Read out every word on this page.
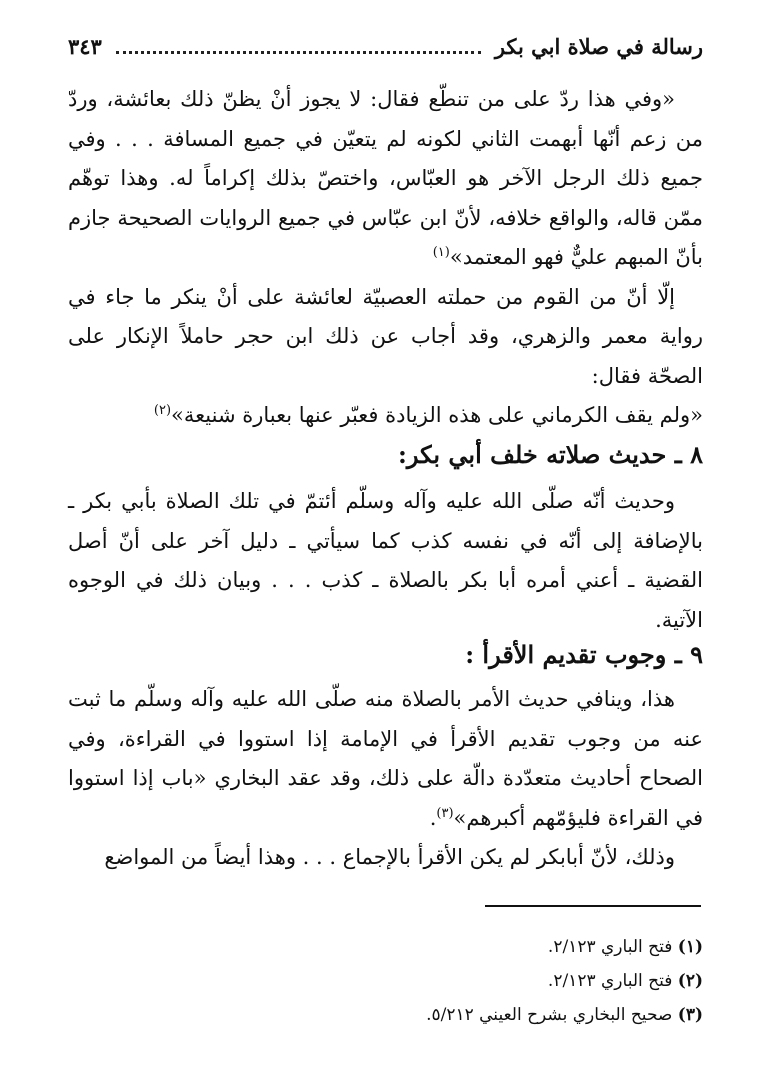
رسالة في صلاة ابي بكر
٣٤٣

«وفي هذا ردّ على من تنطّع فقال: لا يجوز أنْ يظنّ ذلك بعائشة، وردّ من زعم أنّها أبهمت الثاني لكونه لم يتعيّن في جميع المسافة . . . وفي جميع ذلك الرجل الآخر هو العبّاس، واختصّ بذلك إكراماً له. وهذا توهّم ممّن قاله، والواقع خلافه، لأنّ ابن عبّاس في جميع الروايات الصحيحة جازم بأنّ المبهم عليٌّ فهو المعتمد»$^{(١)}$

إلّا أنّ من القوم من حملته العصبيّة لعائشة على أنْ ينكر ما جاء في رواية معمر والزهري، وقد أجاب عن ذلك ابن حجر حاملاً الإنكار على الصحّة فقال:

«ولم يقف الكرماني على هذه الزيادة فعبّر عنها بعبارة شنيعة»$^{(٢)}$

٨ ـ حديث صلاته خلف أبي بكر:

وحديث أنّه صلّى الله عليه وآله وسلّم أئتمّ في تلك الصلاة بأبي بكر ـ بالإضافة إلى أنّه في نفسه كذب كما سيأتي ـ دليل آخر على أنّ أصل القضية ـ أعني أمره أبا بكر بالصلاة ـ كذب . . . وبيان ذلك في الوجوه الآتية.

٩ ـ وجوب تقديم الأقرأ :

هذا، وينافي حديث الأمر بالصلاة منه صلّى الله عليه وآله وسلّم ما ثبت عنه من وجوب تقديم الأقرأ في الإمامة إذا استووا في القراءة، وفي الصحاح أحاديث متعدّدة دالّة على ذلك، وقد عقد البخاري «باب إذا استووا في القراءة فليؤمّهم أكبرهم»$^{(٣)}$.

وذلك، لأنّ أبابكر لم يكن الأقرأ بالإجماع . . . وهذا أيضاً من المواضع

(١) فتح الباري ٢/١٢٣.

(٢) فتح الباري ٢/١٢٣.

(٣) صحيح البخاري بشرح العيني ٥/٢١٢.
